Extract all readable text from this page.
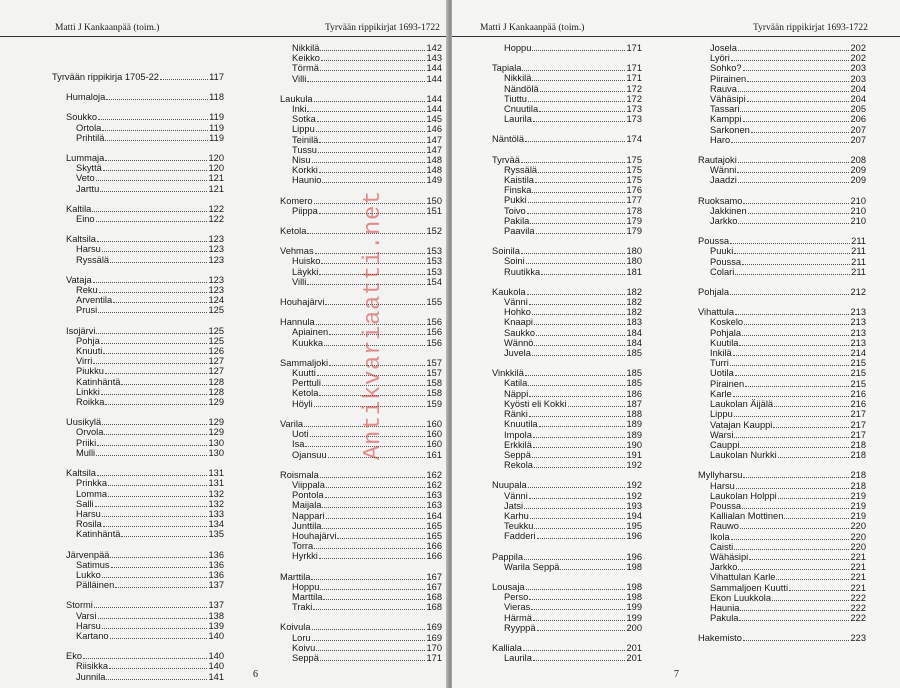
Matti J Kankaanpää (toim.)	Tyrvään rippikirjat 1693-1722
Tyrvään rippikirja 1705-22	117
Humaloja	118
Soukko	119
Ortola	119
Prihtilä	119
Lummaja	120
Skyttä	120
Veto	121
Jarttu	121
Kaltila	122
Eino	122
Kaltsila	123
Harsu	123
Ryssälä	123
Vataja	123
Reku	123
Arventila	124
Prusi	125
Isojärvi	125
Pohja	125
Knuuti	126
Virri	127
Piukku	127
Katinhäntä	128
Linkki	128
Roikka	129
Uusikylä	129
Orvola	129
Priiki	130
Mulli	130
Kaltsila	131
Prinkka	131
Lomma	132
Salli	132
Harsu	133
Rosila	134
Katinhäntä	135
Järvenpää	136
Satimus	136
Lukko	136
Pälläinen	137
Stormi	137
Varsi	138
Harsu	139
Kartano	140
Eko	140
Riisikka	140
Junnila	141
Nikkilä	142
Keikko	143
Törmä	144
Villi	144
Laukula	144
Inki	144
Sotka	145
Lippu	146
Teinilä	147
Tussu	147
Nisu	148
Korkki	148
Haunio	149
Komero	150
Piippa	151
Ketola	152
Vehmas	153
Huisko	153
Läykki	153
Villi	154
Houhajärvi	155
Hannula	156
Apiainen	156
Kuukka	156
Sammaljoki	157
Kuutti	157
Perttuli	158
Ketola	158
Höyli	159
Varila	160
Uoti	160
Isa	160
Ojansuu	161
Roismala	162
Viippala	162
Pontola	163
Maijala	163
Nappari	164
Junttila	165
Houhajärvi	165
Torra	166
Hyrkki	166
Marttila	167
Hoppu	167
Marttila	168
Traki	168
Koivula	169
Loru	169
Koivu	170
Seppä	171
6
Antikvariaatti.net
Matti J Kankaanpää (toim.)	Tyrvään rippikirjat 1693-1722
Hoppu	171
Tapiala	171
Nikkilä	171
Nändölä	172
Tiuttu	172
Cnuutila	173
Laurila	173
Näntölä	174
Tyrvää	175
Ryssälä	175
Kaistila	175
Finska	176
Pukki	177
Toivo	178
Pakila	179
Paavila	179
Soinila	180
Soini	180
Ruutikka	181
Kaukola	182
Vänni	182
Hohko	182
Knaapi	183
Saukko	184
Wännö	184
Juvela	185
Vinkkilä	185
Katila	185
Näppi	186
Kyösti eli Kokki	187
Ränki	188
Knuutila	189
Impola	189
Erkkilä	190
Seppä	191
Rekola	192
Nuupala	192
Vänni	192
Jatsi	193
Karhu	194
Teukku	195
Fadderi	196
Pappila	196
Warila Seppä	198
Lousaja	198
Perso	198
Vieras	199
Härmä	199
Ryyppä	200
Kalliala	201
Laurila	201
Josela	202
Lyöri	202
Sohko?	203
Piirainen	203
Rauva	204
Vähäsipi	204
Tassari	205
Kamppi	206
Sarkonen	207
Haro	207
Rautajoki	208
Wänni	209
Jaadzi	209
Ruoksamo	210
Jakkinen	210
Jarkko	210
Poussa	211
Puuki	211
Poussa	211
Colari	211
Pohjala	212
Vihattula	213
Koskelo	213
Pohjala	213
Kuutila	213
Inkilä	214
Turri	215
Uotila	215
Pirainen	215
Karle	216
Laukolan Äijälä	216
Lippu	217
Vatajan Kauppi	217
Warsi	217
Cauppi	218
Laukolan Nurkki	218
Myllyharsu	218
Harsu	218
Laukolan Holppi	219
Poussa	219
Kallialan Mottinen	219
Rauwo	220
Ikola	220
Caisti	220
Wähäsipi	221
Jarkko	221
Vihattulan Karle	221
Sammaljoen Kuutti	221
Ekon Luukkola	222
Haunia	222
Pakula	222
Hakemisto	223
7
